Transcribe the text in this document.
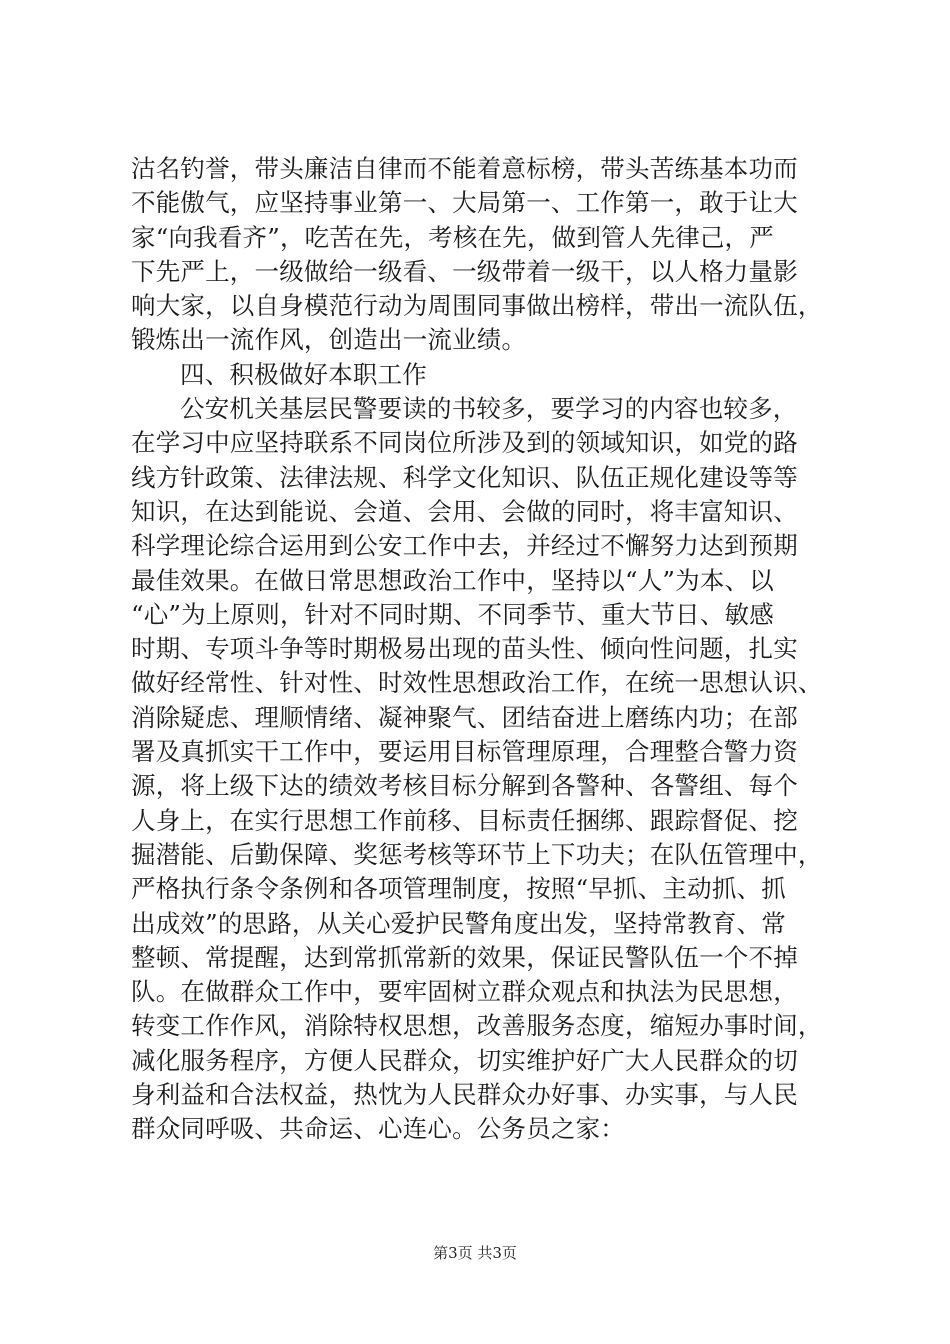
沽名钓誉，带头廉洁自律而不能着意标榜，带头苦练基本功而
不能傲气，应坚持事业第一、大局第一、工作第一，敢于让大
家“向我看齐”，吃苦在先，考核在先，做到管人先律己，严
下先严上，一级做给一级看、一级带着一级干，以人格力量影
响大家，以自身模范行动为周围同事做出榜样，带出一流队伍，
锻炼出一流作风，创造出一流业绩。
四、积极做好本职工作
公安机关基层民警要读的书较多，要学习的内容也较多，
在学习中应坚持联系不同岗位所涉及到的领域知识，如党的路
线方针政策、法律法规、科学文化知识、队伍正规化建设等等
知识，在达到能说、会道、会用、会做的同时，将丰富知识、
科学理论综合运用到公安工作中去，并经过不懈努力达到预期
最佳效果。在做日常思想政治工作中，坚持以“人”为本、以
“心”为上原则，针对不同时期、不同季节、重大节日、敏感
时期、专项斗争等时期极易出现的苗头性、倾向性问题，扎实
做好经常性、针对性、时效性思想政治工作，在统一思想认识、
消除疑虑、理顺情绪、凝神聚气、团结奋进上磨练内功；在部
署及真抓实干工作中，要运用目标管理原理，合理整合警力资
源，将上级下达的绩效考核目标分解到各警种、各警组、每个
人身上，在实行思想工作前移、目标责任捆绑、跟踪督促、挖
掘潜能、后勤保障、奖惩考核等环节上下功夫；在队伍管理中，
严格执行条令条例和各项管理制度，按照“早抓、主动抓、抓
出成效”的思路，从关心爱护民警角度出发，坚持常教育、常
整顿、常提醒，达到常抓常新的效果，保证民警队伍一个不掉
队。在做群众工作中，要牢固树立群众观点和执法为民思想，
转变工作作风，消除特权思想，改善服务态度，缩短办事时间，
减化服务程序，方便人民群众，切实维护好广大人民群众的切
身利益和合法权益，热忱为人民群众办好事、办实事，与人民
群众同呼吸、共命运、心连心。公务员之家：
第3页 共3页
